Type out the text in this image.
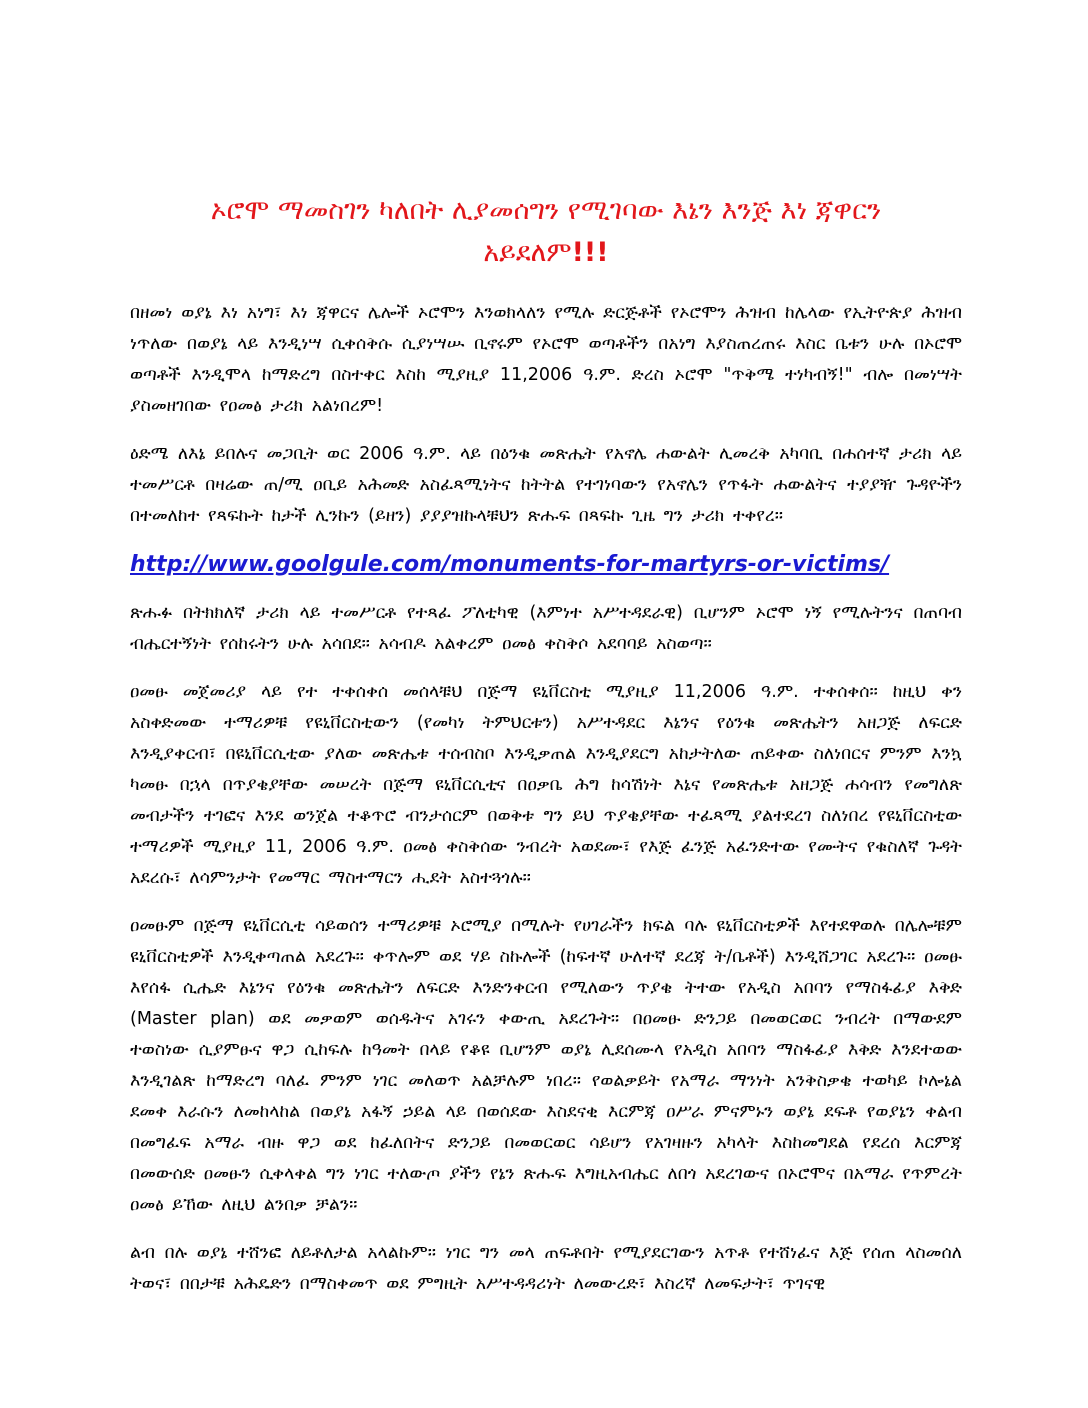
ኦሮሞ ማመስገን ካለበት ሊያመሰግን የሚገባው እኔን እንጅ እነ ጃዋርን
አይደለም!!!

በዘመነ ወያኔ እነ አነግ፣ እነ ጃዋርና ሌሎች ኦሮሞን እንወክላለን የሚሉ ድርጅቶች የኦሮሞን ሕዝብ ከሌላው የኢትዮጵያ ሕዝብ ነጥለው በወያኔ ላይ እንዲነሣ ሲቀሰቅሱ ሲያነሣሡ ቢኖሩም የኦሮሞ ወጣቶችን በአነግ እያስጠረጠሩ እስር ቤቱን ሁሉ በኦሮሞ ወጣቶች እንዲሞላ ከማድረግ በስተቀር እስከ ሚያዚያ 11,2006 ዓ.ም. ድረስ ኦሮሞ "ጥቅሜ ተነካብኝ!" ብሎ በመነሣት ያስመዘገበው የዐመፅ ታሪክ አልነበረም!

ዕድሜ ለእኔ ይበሉና መጋቢት ወር 2006 ዓ.ም. ላይ በዕንቁ መጽሔት የአኖሌ ሐውልት ሊመረቅ አካባቢ በሐሰተኛ ታሪክ ላይ ተመሥርቶ በዛሬው ጠ/ሚ ዐቢይ አሕመድ አስፈጻሚነትና ከትትል የተገነባውን የአኖሌን የጥፋት ሐውልትና ተያያዥ ጉዳዮችን በተመለከተ የጻፍኩት ከታች ሊንኩን (ይዘን) ያያያዝኩላቹህን ጽሑፍ በጻፍኩ ጊዜ ግን ታሪክ ተቀየረ፡፡

http://www.goolgule.com/monuments-for-martyrs-or-victims/

ጽሑፉ በትክክለኛ ታሪክ ላይ ተመሥርቶ የተጻፈ ፖለቲካዊ (እምነተ አሥተዳደራዊ) ቢሆንም ኦሮሞ ነኝ የሚሉትንና በጠባብ ብሔርተኝነት የሰከሩትን ሁሉ አሳበደ፡፡ አሳብዶ አልቀረም ዐመፅ ቀስቅሶ አደባባይ አስወጣ፡፡

ዐመፁ መጀመሪያ ላይ የተ ተቀሰቀሰ መሰላቹህ በጅማ ዩኒቨርስቲ ሚያዚያ 11,2006 ዓ.ም. ተቀሰቀሰ፡፡ ከዚህ ቀን አስቀድመው ተማሪዎቹ የዩኒቨርስቲውን (የመካነ ትምህርቱን) አሥተዳደር እኔንና የዕንቁ መጽሔትን አዘጋጅ ለፍርድ እንዲያቀርብ፣ በዩኒቨርሲቲው ያለው መጽሔቱ ተሰብስቦ እንዲቃጠል እንዲያደርግ አከታትለው ጠይቀው ስለነበርና ምንም እንኳ ካመፁ በኋላ በጥያቄያቸው መሠረት በጅማ ዩኒቨርሲቲና በዐቃቤ ሕግ ከሳሽነት እኔና የመጽሔቱ አዘጋጅ ሐሳብን የመግለጽ መብታችን ተገፎና እንደ ወንጀል ተቆጥሮ ብንታሰርም በወቅቱ ግን ይህ ጥያቄያቸው ተፈጻሚ ያልተደረገ ስለነበረ የዩኒቨርስቲው ተማሪዎች ሚያዚያ 11, 2006 ዓ.ም. ዐመፅ ቀስቅሰው ንብረት አወደሙ፣ የእጅ ፈንጅ አፈንድተው የሙትና የቁስለኛ ጉዳት አደረሱ፣ ለሳምንታት የመማር ማስተማርን ሒደት አስተጓጎሉ፡፡

ዐመፁም በጅማ ዩኒቨርሲቲ ሳይወሰን ተማሪዎቹ ኦሮሚያ በሚሉት የሀገራችን ክፍል ባሉ ዩኒቨርስቲዎች እየተደዋወሉ በሌሎቹም ዩኒቨርስቲዎች እንዲቀጣጠል አደረጉ፡፡ ቀጥሎም ወደ ሃይ ስኩሎች (ከፍተኛ ሁለተኛ ደረጃ ት/ቤቶች) እንዲሸጋገር አደረጉ፡፡ ዐመፁ እየሰፋ ሲሔድ እኔንና የዕንቁ መጽሔትን ለፍርድ እንድንቀርብ የሚለውን ጥያቄ ትተው የአዲስ አበባን የማስፋፊያ እቅድ (Master plan) ወደ መቃወም ወሰዱትና አገሩን ቀውጢ አደረጉት፡፡ በዐመፁ ድንጋይ በመወርወር ንብረት በማውደም ተወስነው ሲያምፁና ዋጋ ሲከፍሉ ከዓመት በላይ የቆዩ ቢሆንም ወያኔ ሊደሰሙላ የአዲስ አበባን ማስፋፊያ እቅድ እንደተወው እንዲገልጽ ከማድረግ ባለፈ ምንም ነገር መለወጥ አልቻሉም ነበረ፡፡ የወልቃይት የአማራ ማንነት አንቅስቃቄ ተወካይ ኮሎኔል ደመቀ እራሱን ለመከላከል በወያኔ አፋኝ ኃይል ላይ በወሰደው እስደናቂ እርምጃ ዐሥራ ምናምኑን ወያኔ ደፍቶ የወያኔን ቀልብ በመግፈፍ አማራ ብዙ ዋጋ ወደ ከፈለበትና ድንጋይ በመወርወር ሳይሆን የአገዛዙን አካላት እስከመግደል የደረሰ እርምጃ በመውሰድ ዐመፁን ሲቀላቀል ግን ነገር ተለውጦ ያችን የኔን ጽሑፍ እግዚአብሔር ለበጎ አደረገውና በኦሮሞና በአማራ የጥምረት ዐመፅ ይኸው ለዚህ ልንበቃ ቻልን፡፡

ልብ በሉ ወያኔ ተሸንፎ ለይቶለታል አላልኩም፡፡ ነገር ግን መላ ጠፍቶበት የሚያደርገውን አጥቶ የተሸነፈና እጅ የሰጠ ላስመሰለ ትወና፣ በበታቹ አሕዴድን በማስቀመጥ ወደ ምግዚት አሥተዳዳሪነት ለመውረድ፣ እስረኛ ለመፍታት፣ ጥገናዊ
